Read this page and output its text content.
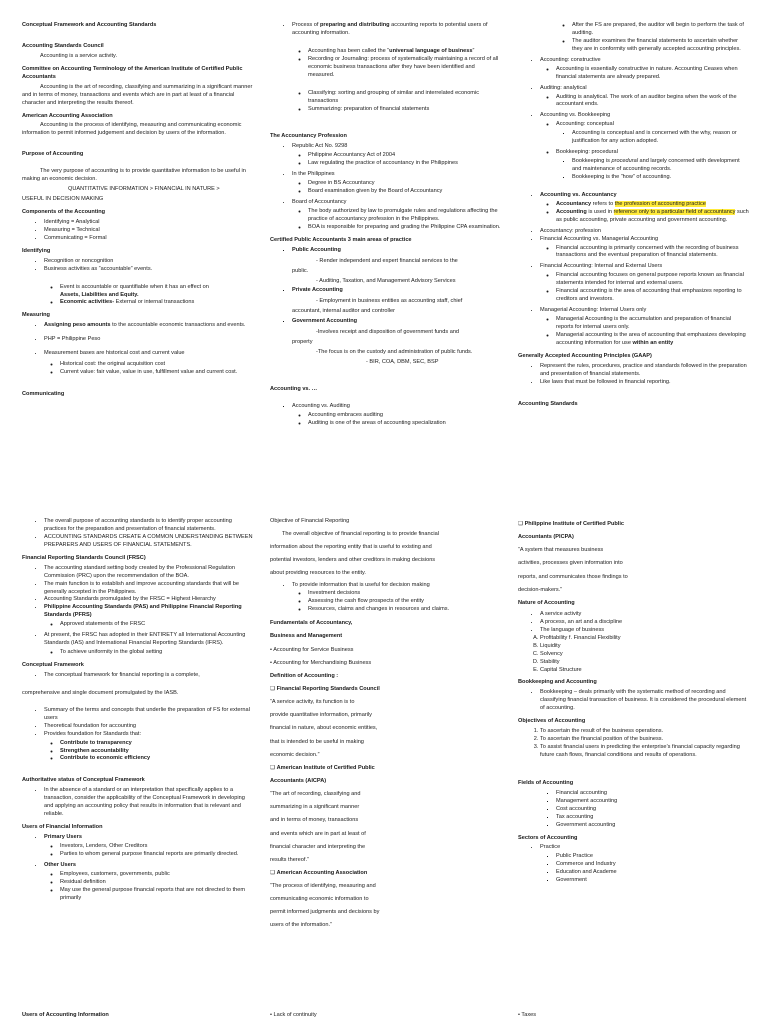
Conceptual Framework and Accounting Standards
Accounting Standards Council
Accounting is a service activity.
Committee on Accounting Terminology of the American Institute of Certified Public Accountants
Accounting is the art of recording, classifying and summarizing in a significant manner and in terms of money, transactions and events which are in part at least of a financial character and interpreting the results thereof.
American Accounting Association
Accounting is the process of identifying, measuring and communicating economic information to permit informed judgement and decision by users of the information.
Purpose of Accounting
The very purpose of accounting is to provide quantitative information to be useful in making an economic decision.
QUANTITATIVE INFORMATION > FINANCIAL IN NATURE >
USEFUL IN DECISION MAKING
Components of the Accounting
• Identifying = Analytical
• Measuring = Technical
• Communicating = Formal
Identifying
• Recognition or noncognition
• Business activities as “accountable” events.
◦ Event is accountable or quantifiable when it has an effect on
Assets, Liabilities and Equity.
◦ Economic activities- External or internal transactions
Measuring
• Assigning peso amounts to the accountable economic transactions and events.
• PHP = Philippine Peso
• Measurement bases are historical cost and current value
◦ Historical cost: the original acquisition cost
◦ Current value: fair value, value in use, fulfillment value and current cost.
Communicating
• Process of preparing and distributing accounting reports to potential users of accounting information.
◦ Accounting has been called the “universal language of business”
◦ Recording or Journaling: process of systematically maintaining a record of all economic business transactions after they have been identified and measured.
◦ Classifying: sorting and grouping of similar and interrelated economic transactions
◦ Summarizing: preparation of financial statements
The Accountancy Profession
• Republic Act No. 9298
◦ Philippine Accountancy Act of 2004
◦ Law regulating the practice of accountancy in the Philippines
• In the Philippines
◦ Degree in BS Accountancy
◦ Board examination given by the Board of Accountancy
• Board of Accountancy
◦ The body authorized by law to promulgate rules and regulations affecting the practice of accountancy profession in the Philippines.
◦ BOA is responsible for preparing and grading the Philippine CPA examination.
Certified Public Accountants 3 main areas of practice
▪ Public Accounting
- Render independent and expert financial services to the
public.
- Auditing, Taxation, and Management Advisory Services
▪ Private Accounting
- Employment in business entities as accounting staff, chief
accountant, internal auditor and controller
▪ Government Accounting
-Involves receipt and disposition of government funds and
property
-The focus is on the custody and administration of public funds.
- BIR, COA, DBM, SEC, BSP
Accounting vs. …
▪ Accounting vs. Auditing
◦ Accounting embraces auditing
◦ Auditing is one of the areas of accounting specialization
◦ After the FS are prepared, the auditor will begin to perform the task of auditing.
◦ The auditor examines the financial statements to ascertain whether they are in conformity with generally accepted accounting principles.
• Accounting: constructive
◦ Accounting is essentially constructive in nature. Accounting Ceases when financial statements are already prepared.
• Auditing: analytical
◦ Auditing is analytical. The work of an auditor begins when the work of the accountant ends.
• Accounting vs. Bookkeeping
◦ Accounting: conceptual
▪ Accounting is conceptual and is concerned with the why, reason or justification for any action adopted.
◦ Bookkeeping: procedural
▪ Bookkeeping is procedural and largely concerned with development and maintenance of accounting records.
▪ Bookkeeping is the “how” of accounting.
• Accounting vs. Accountancy
◦ Accountancy refers to the profession of accounting practice
◦ Accounting is used in reference only to a particular field of accountancy such as public accounting, private accounting and government accounting.
• Accountancy: profession
• Financial Accounting vs. Managerial Accounting
◦ Financial accounting is primarily concerned with the recording of business transactions and the eventual preparation of financial statements.
• Financial Accounting: Internal and External Users
◦ Financial accounting focuses on general purpose reports known as financial statements intended for internal and external users.
◦ Financial accounting is the area of accounting that emphasizes reporting to creditors and investors.
• Managerial Accounting: Internal Users only
◦ Managerial Accounting is the accumulation and preparation of financial reports for internal users only.
◦ Managerial accounting is the area of accounting that emphasizes developing accounting information for use within an entity
Generally Accepted Accounting Principles (GAAP)
• Represent the rules, procedures, practice and standards followed in the preparation and presentation of financial statements.
• Like laws that must be followed in financial reporting.
Accounting Standards
• The overall purpose of accounting standards is to identify proper accounting practices for the preparation and presentation of financial statements.
• ACCOUNTING STANDARDS CREATE A COMMON UNDERSTANDING BETWEEN PREPARERS AND USERS OF FINANCIAL STATEMENTS.
Financial Reporting Standards Council (FRSC)
• The accounting standard setting body created by the Professional Regulation Commission (PRC) upon the recommendation of the BOA.
• The main function is to establish and improve accounting standards that will be generally accepted in the Philippines.
• Accounting Standards promulgated by the FRSC = Highest Hierarchy
• Philippine Accounting Standards (PAS) and Philippine Financial Reporting Standards (PFRS)
◦ Approved statements of the FRSC
• At present, the FRSC has adopted in their ENTIRETY all International Accounting Standards (IAS) and International Financial Reporting Standards (IFRS).
◦ To achieve uniformity in the global setting
Conceptual Framework
• The conceptual framework for financial reporting is a complete,
comprehensive and single document promulgated by the IASB.
• Summary of the terms and concepts that underlie the preparation of FS for external users
• Theoretical foundation for accounting
• Provides foundation for Standards that:
◦ Contribute to transparency
◦ Strengthen accountability
◦ Contribute to economic efficiency
Authoritative status of Conceptual Framework
• In the absence of a standard or an interpretation that specifically applies to a transaction, consider the applicability of the Conceptual Framework in developing and applying an accounting policy that results in information that is relevant and reliable.
Users of Financial Information
• Primary Users
◦ Investors, Lenders, Other Creditors
◦ Parties to whom general purpose financial reports are primarily directed.
• Other Users
◦ Employees, customers, governments, public
◦ Residual definition
◦ May use the general purpose financial reports that are not directed to them primarily
Objective of Financial Reporting
The overall objective of financial reporting is to provide financial
information about the reporting entity that is useful to existing and
potential investors, lenders and other creditors in making decisions
about providing resources to the entity.
• To provide information that is useful for decision making
◦ Investment decisions
◦ Assessing the cash flow prospects of the entity
◦ Resources, claims and changes in resources and claims.
Fundamentals of Accountancy,
Business and Management
• Accounting for Service Business
• Accounting for Merchandising Business
Definition of Accounting :
❏ Financial Reporting Standards Council
“A service activity, its function is to
provide quantitative information, primarily
financial in nature, about economic entities,
that is intended to be useful in making
economic decision.”
❏ American Institute of Certified Public
Accountants (AICPA)
“The art of recording, classifying and
summarizing in a significant manner
and in terms of money, transactions
and events which are in part at least of
financial character and interpreting the
results thereof.”
❏ American Accounting Association
“The process of identifying, measuring and
communicating economic information to
permit informed judgments and decisions by
users of the information.”
❏ Philippine Institute of Certified Public
Accountants (PICPA)
“A system that measures business
activities, processes given information into
reports, and communicates those findings to
decision-makers.”
Nature of Accounting
• A service activity
• A process, an art and a discipline
• The language of business
A. Profitability f. Financial Flexibility
B. Liquidity
C. Solvency
D. Stability
E. Capital Structure
Bookkeeping and Accounting
• Bookkeeping – deals primarily with the systematic method of recording and classifying financial transaction of business. It is considered the procedural element of accounting.
Objectives of Accounting
1. To ascertain the result of the business operations.
2. To ascertain the financial position of the business.
3. To assist financial users in predicting the enterprise’s financial capacity regarding future cash flows, financial conditions and results of operations.
Fields of Accounting
▪ Financial accounting
▪ Management accounting
▪ Cost accounting
▪ Tax accounting
▪ Government accounting
Sectors of Accounting
• Practice
▪ Public Practice
▪ Commerce and Industry
▪ Education and Academe
▪ Government
Users of Accounting Information	• Lack of continuity	• Taxes
